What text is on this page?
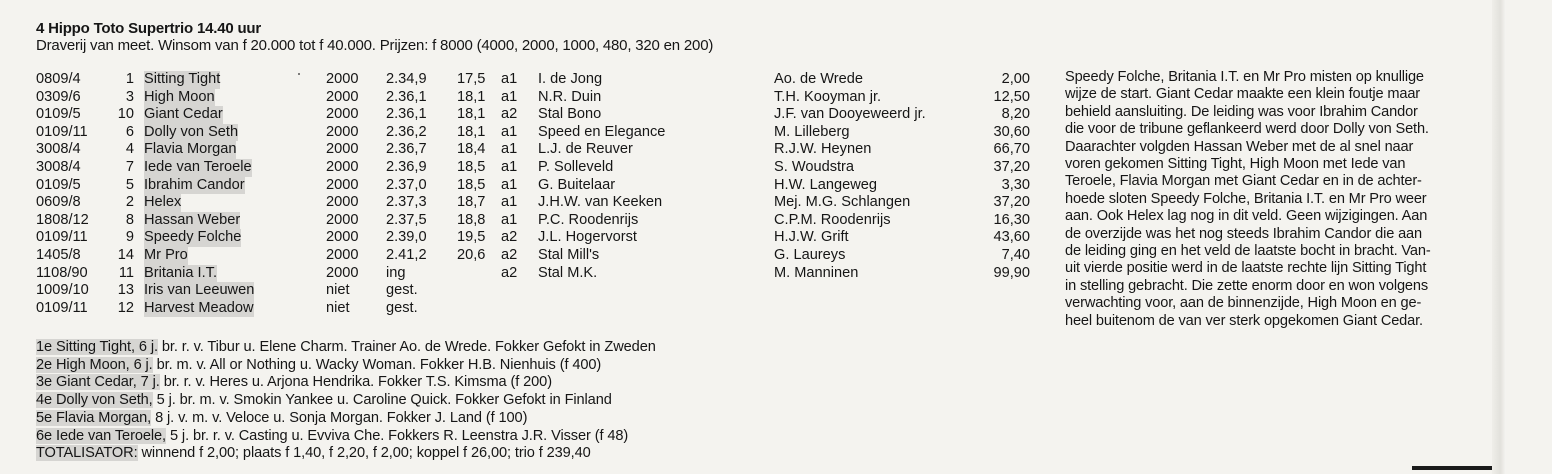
4 Hippo Toto Supertrio 14.40 uur
Draverij van meet. Winsom van f 20.000 tot f 40.000. Prijzen: f 8000 (4000, 2000, 1000, 480, 320 en 200)
0809/4	1 Sitting Tight	2000 2.34,9 17,5 a1 I. de Jong	Ao. de Wrede	2,00
0309/6	3 High Moon	2000 2.36,1 18,1 a1 N.R. Duin	T.H. Kooyman jr.	12,50
0109/5	10 Giant Cedar	2000 2.36,1 18,1 a2 Stal Bono	J.F. van Dooyeweerd jr.	8,20
0109/11	6 Dolly von Seth	2000 2.36,2 18,1 a1 Speed en Elegance	M. Lilleberg	30,60
3008/4	4 Flavia Morgan	2000 2.36,7 18,4 a1 L.J. de Reuver	R.J.W. Heynen	66,70
3008/4	7 Iede van Teroele	2000 2.36,9 18,5 a1 P. Solleveld	S. Woudstra	37,20
0109/5	5 Ibrahim Candor	2000 2.37,0 18,5 a1 G. Buitelaar	H.W. Langeweg	3,30
0609/8	2 Helex	2000 2.37,3 18,7 a1 J.H.W. van Keeken	Mej. M.G. Schlangen	37,20
1808/12	8 Hassan Weber	2000 2.37,5 18,8 a1 P.C. Roodenrijs	C.P.M. Roodenrijs	16,30
0109/11	9 Speedy Folche	2000 2.39,0 19,5 a2 J.L. Hogervorst	H.J.W. Grift	43,60
1405/8	14 Mr Pro	2000 2.41,2 20,6 a2 Stal Mill's	G. Laureys	7,40
1108/90	11 Britania I.T.	2000 ing	a2 Stal M.K.	M. Manninen	99,90
1009/10	13 Iris van Leeuwen	niet gest.
0109/11	12 Harvest Meadow	niet gest.
Speedy Folche, Britania I.T. en Mr Pro misten op knullige
wijze de start. Giant Cedar maakte een klein foutje maar
behield aansluiting. De leiding was voor Ibrahim Candor
die voor de tribune geflankeerd werd door Dolly von Seth.
Daarachter volgden Hassan Weber met de al snel naar
voren gekomen Sitting Tight, High Moon met Iede van
Teroele, Flavia Morgan met Giant Cedar en in de achter-
hoede sloten Speedy Folche, Britania I.T. en Mr Pro weer
aan. Ook Helex lag nog in dit veld. Geen wijzigingen. Aan
de overzijde was het nog steeds Ibrahim Candor die aan
de leiding ging en het veld de laatste bocht in bracht. Van-
uit vierde positie werd in de laatste rechte lijn Sitting Tight
in stelling gebracht. Die zette enorm door en won volgens
verwachting voor, aan de binnenzijde, High Moon en ge-
heel buitenom de van ver sterk opgekomen Giant Cedar.
1e Sitting Tight, 6 j. br. r. v. Tibur u. Elene Charm. Trainer Ao. de Wrede. Fokker Gefokt in Zweden
2e High Moon, 6 j. br. m. v. All or Nothing u. Wacky Woman. Fokker H.B. Nienhuis (f 400)
3e Giant Cedar, 7 j. br. r. v. Heres u. Arjona Hendrika. Fokker T.S. Kimsma (f 200)
4e Dolly von Seth, 5 j. br. m. v. Smokin Yankee u. Caroline Quick. Fokker Gefokt in Finland
5e Flavia Morgan, 8 j. v. m. v. Veloce u. Sonja Morgan. Fokker J. Land (f 100)
6e Iede van Teroele, 5 j. br. r. v. Casting u. Evviva Che. Fokkers R. Leenstra J.R. Visser (f 48)
TOTALISATOR: winnend f 2,00; plaats f 1,40, f 2,20, f 2,00; koppel f 26,00; trio f 239,40
